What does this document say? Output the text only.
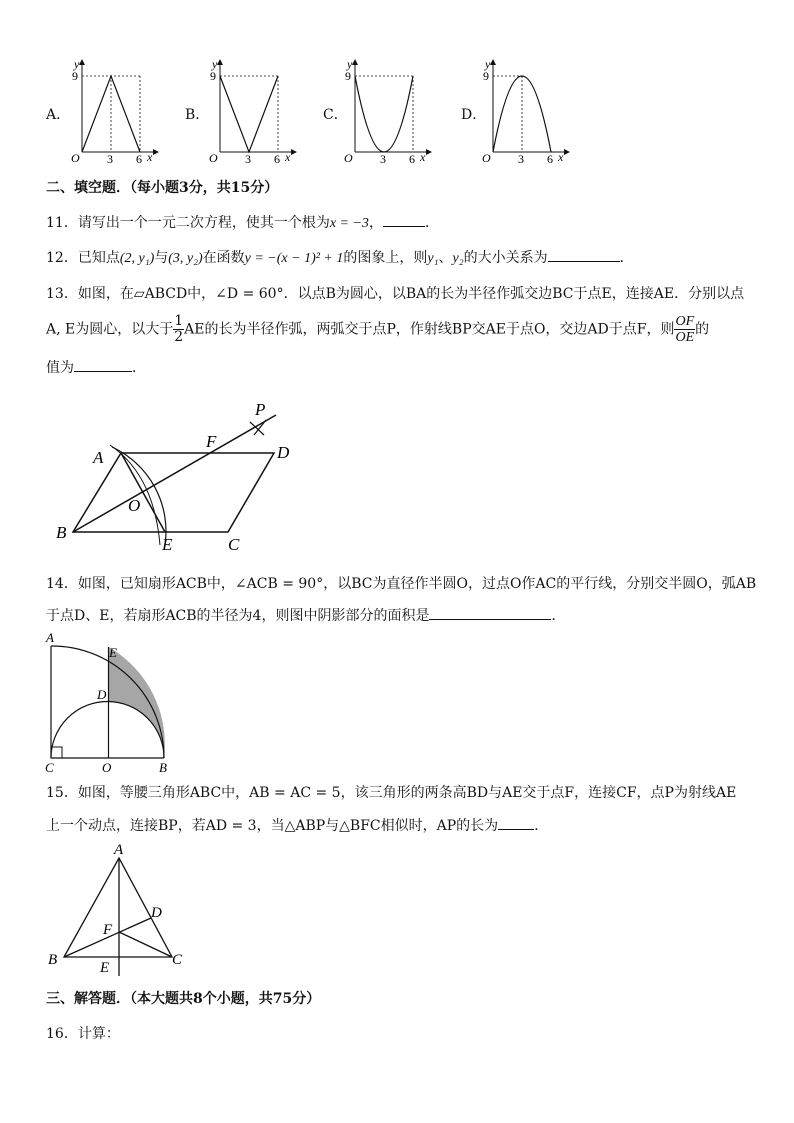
A．	B．	C．	D．
y
9
O 3 6 x
y
9
O 3 6 x
y
9
O 3 6 x
y
9
O 3 6 x
二、填空题．（每小题3分，共15分）
11．请写出一个一元二次方程，使其一个根为x = −3，	．
12．已知点(2, y₁)与(3, y₂)在函数y = −(x − 1)² + 1的图象上，则y₁、y₂的大小关系为	．
13．如图，在▱ABCD中，∠D = 60°．以点B为圆心，以BA的长为半径作弧交边BC于点E，连接AE．分别以点
A, E为圆心，以大于 $\frac{1}{2}$ AE的长为半径作弧，两弧交于点P，作射线BP交AE于点O，交边AD于点F，则 $\frac{OF}{OE}$ 的
值为	．
A
B
C
D
E
F
O
P
14．如图，已知扇形ACB中，∠ACB = 90°，以BC为直径作半圆O，过点O作AC的平行线，分别交半圆O，弧AB
于点D、E，若扇形ACB的半径为4，则图中阴影部分的面积是	．
A
C	O	B
D
E
15．如图，等腰三角形ABC中，AB = AC = 5，该三角形的两条高BD与AE交于点F，连接CF，点P为射线AE
上一个动点，连接BP，若AD = 3，当△ABP与△BFC相似时，AP的长为	．
A
B	C
D
E
F
三、解答题．（本大题共8个小题，共75分）
16．计算：
